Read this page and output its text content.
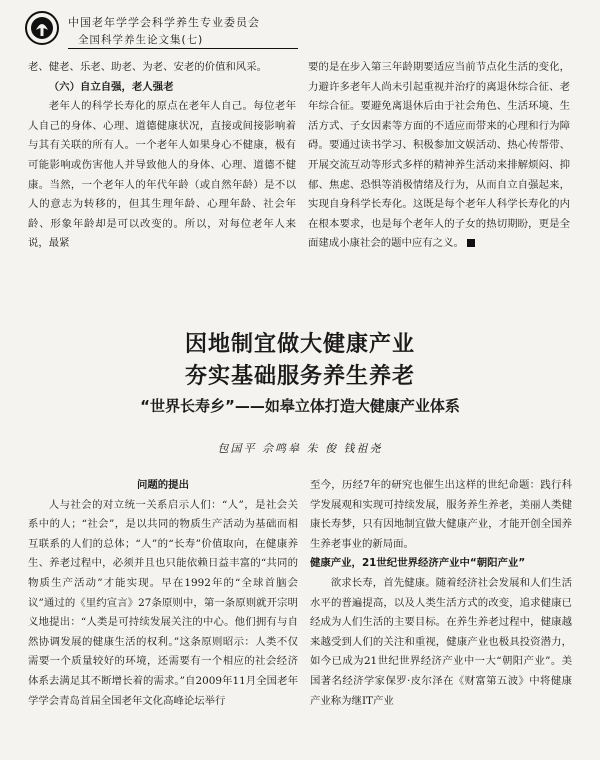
中国老年学学会科学养生专业委员会
全国科学养生论文集(七)

老、健老、乐老、助老、为老、安老的价值和风采。

（六）自立自强，老人强老

老年人的科学长寿化的原点在老年人自己。每位老年人自己的身体、心理、道德健康状况，直接或间接影响着与其有关联的所有人。一个老年人如果身心不健康，极有可能影响或伤害他人并导致他人的身体、心理、道德不健康。当然，一个老年人的年代年龄（或自然年龄）是不以人的意志为转移的，但其生理年龄、心理年龄、社会年龄、形象年龄却是可以改变的。所以，对每位老年人来说，最紧

要的是在步入第三年龄期要适应当前节点化生活的变化，力避许多老年人尚未引起重视并治疗的离退休综合征、老年综合征。要避免离退休后由于社会角色、生活环境、生活方式、子女因素等方面的不适应而带来的心理和行为障碍。要通过读书学习、积极参加文娱活动、热心传帮带、开展交流互动等形式多样的精神养生活动来排解烦闷、抑郁、焦虑、恐惧等消极情绪及行为，从而自立自强起来，实现自身科学长寿化。这既是每个老年人科学长寿化的内在根本要求，也是每个老年人的子女的热切期盼，更是全面建成小康社会的题中应有之义。

因地制宜做大健康产业
夯实基础服务养生养老
“世界长寿乡”——如皋立体打造大健康产业体系
包国平 佘鸣皋 朱 俊 钱祖尧

问题的提出

人与社会的对立统一关系启示人们：“人”，是社会关系中的人；“社会”，是以共同的物质生产活动为基础而相互联系的人们的总体；“人”的“长寿”价值取向，在健康养生、养老过程中，必须并且也只能依赖日益丰富的“共同的物质生产活动”才能实现。早在1992年的“全球首脑会议”通过的《里约宣言》27条原则中，第一条原则就开宗明义地提出：“人类是可持续发展关注的中心。他们拥有与自然协调发展的健康生活的权利。”这条原则昭示：人类不仅需要一个质量较好的环境，还需要有一个相应的社会经济体系去满足其不断增长着的需求。”自2009年11月全国老年学学会青岛首届全国老年文化高峰论坛举行

至今，历经7年的研究也催生出这样的世纪命题：践行科学发展观和实现可持续发展，服务养生养老，美丽人类健康长寿梦，只有因地制宜做大健康产业，才能开创全国养生养老事业的新局面。

健康产业，21世纪世界经济产业中“朝阳产业”

欲求长寿，首先健康。随着经济社会发展和人们生活水平的普遍提高，以及人类生活方式的改变，追求健康已经成为人们生活的主要目标。在养生养老过程中，健康越来越受到人们的关注和重视，健康产业也极具投资潜力，如今已成为21世纪世界经济产业中一大“朝阳产业”。美国著名经济学家保罗·皮尔泽在《财富第五波》中将健康产业称为继IT产业
